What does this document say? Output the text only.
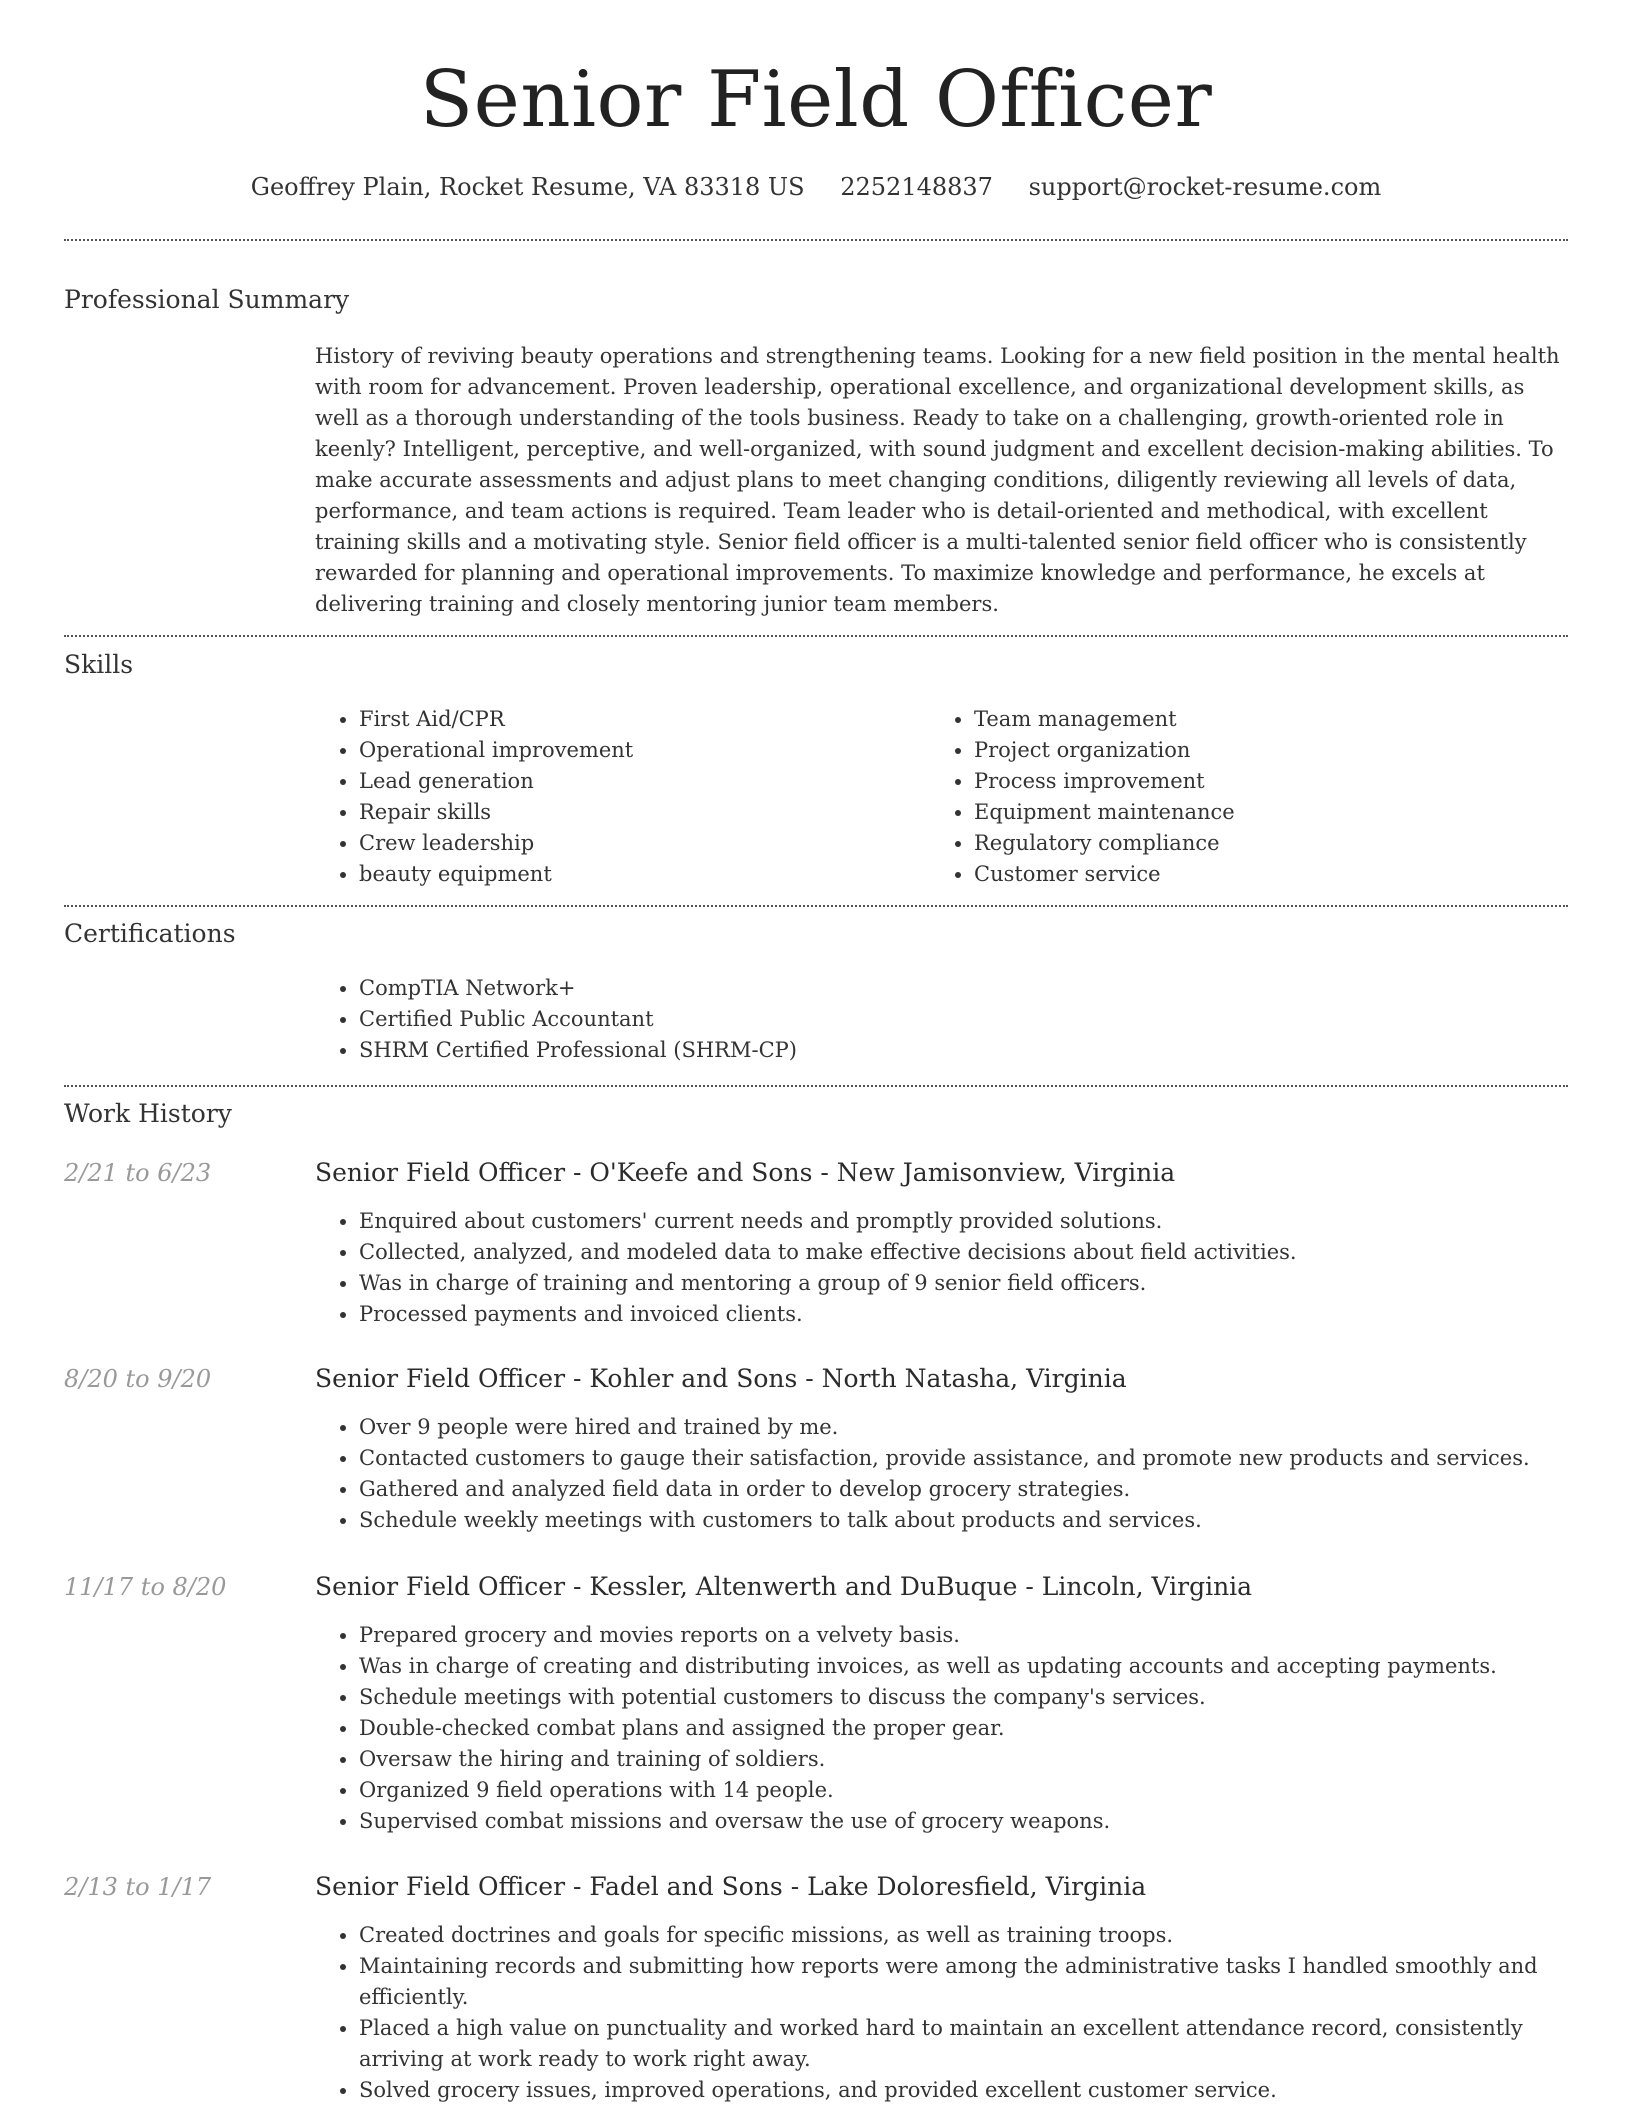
Senior Field Officer
Geoffrey Plain, Rocket Resume, VA 83318 US 2252148837 support@rocket-resume.com
Professional Summary

History of reviving beauty operations and strengthening teams. Looking for a new field position in the mental health with room for advancement. Proven leadership, operational excellence, and organizational development skills, as well as a thorough understanding of the tools business. Ready to take on a challenging, growth-oriented role in keenly? Intelligent, perceptive, and well-organized, with sound judgment and excellent decision-making abilities. To make accurate assessments and adjust plans to meet changing conditions, diligently reviewing all levels of data, performance, and team actions is required. Team leader who is detail-oriented and methodical, with excellent training skills and a motivating style. Senior field officer is a multi-talented senior field officer who is consistently rewarded for planning and operational improvements. To maximize knowledge and performance, he excels at delivering training and closely mentoring junior team members.

Skills
• First Aid/CPR
• Operational improvement
• Lead generation
• Repair skills
• Crew leadership
• beauty equipment
• Team management
• Project organization
• Process improvement
• Equipment maintenance
• Regulatory compliance
• Customer service
Certifications
• CompTIA Network+
• Certified Public Accountant
• SHRM Certified Professional (SHRM-CP)
Work History
2/21 to 6/23	Senior Field Officer - O'Keefe and Sons - New Jamisonview, Virginia
• Enquired about customers' current needs and promptly provided solutions.
• Collected, analyzed, and modeled data to make effective decisions about field activities.
• Was in charge of training and mentoring a group of 9 senior field officers.
• Processed payments and invoiced clients.
8/20 to 9/20	Senior Field Officer - Kohler and Sons - North Natasha, Virginia
• Over 9 people were hired and trained by me.
• Contacted customers to gauge their satisfaction, provide assistance, and promote new products and services.
• Gathered and analyzed field data in order to develop grocery strategies.
• Schedule weekly meetings with customers to talk about products and services.
11/17 to 8/20	Senior Field Officer - Kessler, Altenwerth and DuBuque - Lincoln, Virginia
• Prepared grocery and movies reports on a velvety basis.
• Was in charge of creating and distributing invoices, as well as updating accounts and accepting payments.
• Schedule meetings with potential customers to discuss the company's services.
• Double-checked combat plans and assigned the proper gear.
• Oversaw the hiring and training of soldiers.
• Organized 9 field operations with 14 people.
• Supervised combat missions and oversaw the use of grocery weapons.
2/13 to 1/17	Senior Field Officer - Fadel and Sons - Lake Doloresfield, Virginia
• Created doctrines and goals for specific missions, as well as training troops.
• Maintaining records and submitting how reports were among the administrative tasks I handled smoothly and efficiently.
• Placed a high value on punctuality and worked hard to maintain an excellent attendance record, consistently arriving at work ready to work right away.
• Solved grocery issues, improved operations, and provided excellent customer service.
